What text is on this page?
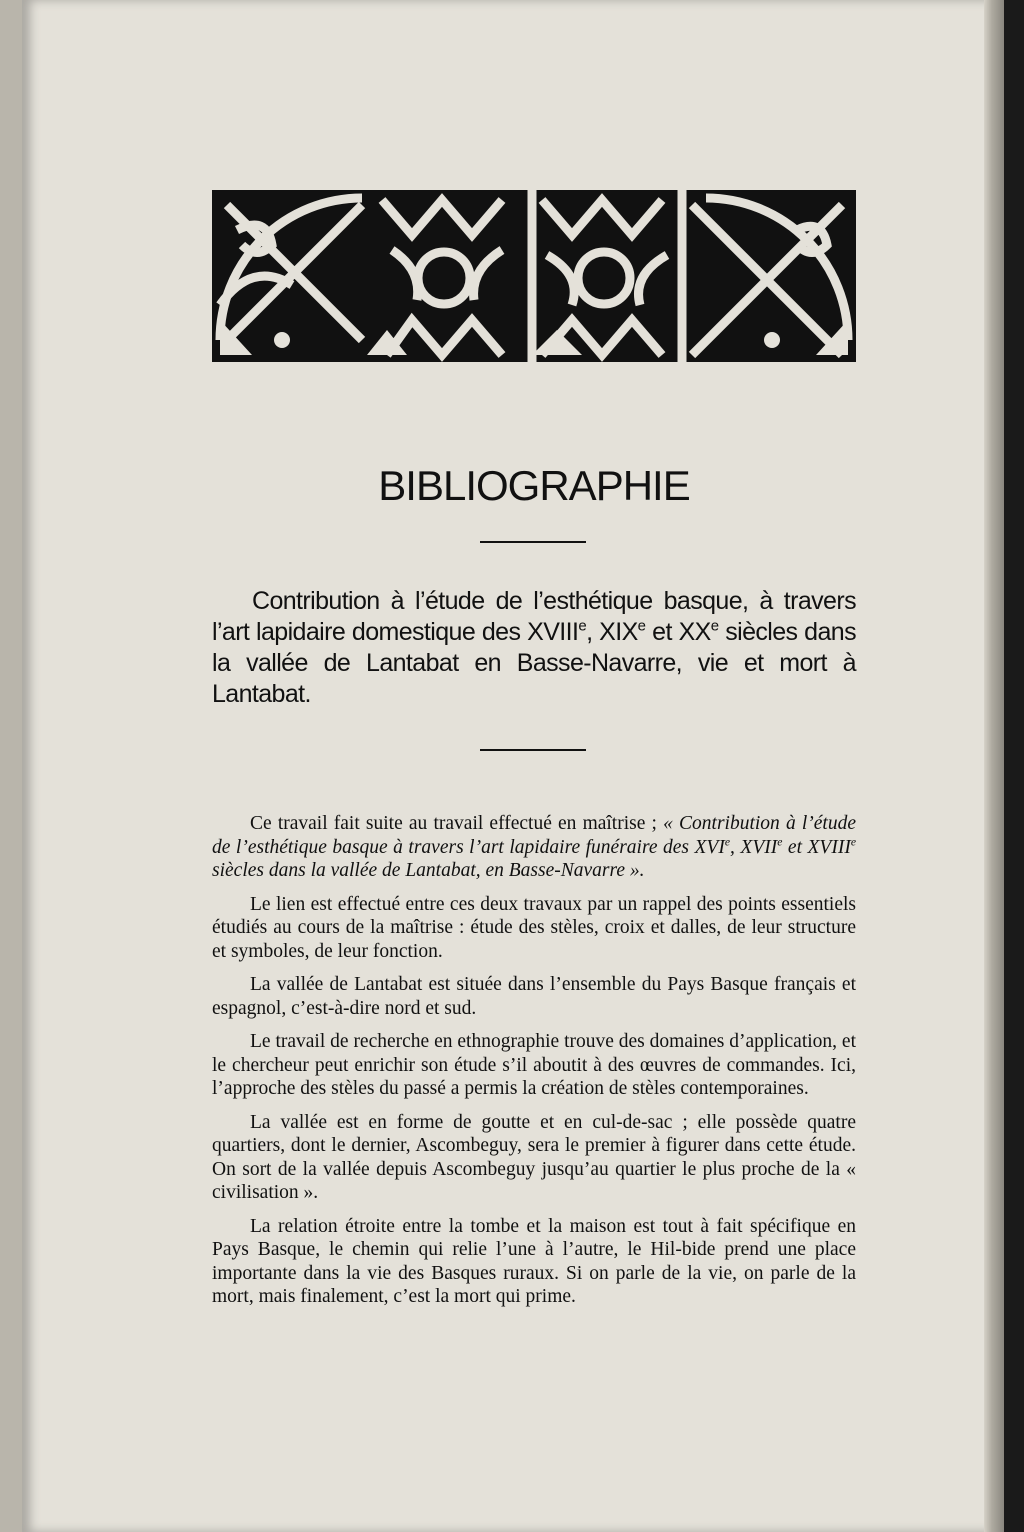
BIBLIOGRAPHIE

Contribution à l’étude de l’esthétique basque, à travers l’art lapidaire domestique des XVIIIe, XIXe et XXe siècles dans la vallée de Lantabat en Basse-Navarre, vie et mort à Lantabat.

Ce travail fait suite au travail effectué en maîtrise ; « Contribution à l’étude de l’esthétique basque à travers l’art lapidaire funéraire des XVIe, XVIIe et XVIIIe siècles dans la vallée de Lantabat, en Basse-Navarre ».

Le lien est effectué entre ces deux travaux par un rappel des points essentiels étudiés au cours de la maîtrise : étude des stèles, croix et dalles, de leur structure et symboles, de leur fonction.

La vallée de Lantabat est située dans l’ensemble du Pays Basque français et espagnol, c’est-à-dire nord et sud.

Le travail de recherche en ethnographie trouve des domaines d’application, et le chercheur peut enrichir son étude s’il aboutit à des œuvres de commandes. Ici, l’approche des stèles du passé a permis la création de stèles contemporaines.

La vallée est en forme de goutte et en cul-de-sac ; elle possède quatre quartiers, dont le dernier, Ascombeguy, sera le premier à figurer dans cette étude. On sort de la vallée depuis Ascombeguy jusqu’au quartier le plus proche de la « civilisation ».

La relation étroite entre la tombe et la maison est tout à fait spécifique en Pays Basque, le chemin qui relie l’une à l’autre, le Hil-bide prend une place importante dans la vie des Basques ruraux. Si on parle de la vie, on parle de la mort, mais finalement, c’est la mort qui prime.
